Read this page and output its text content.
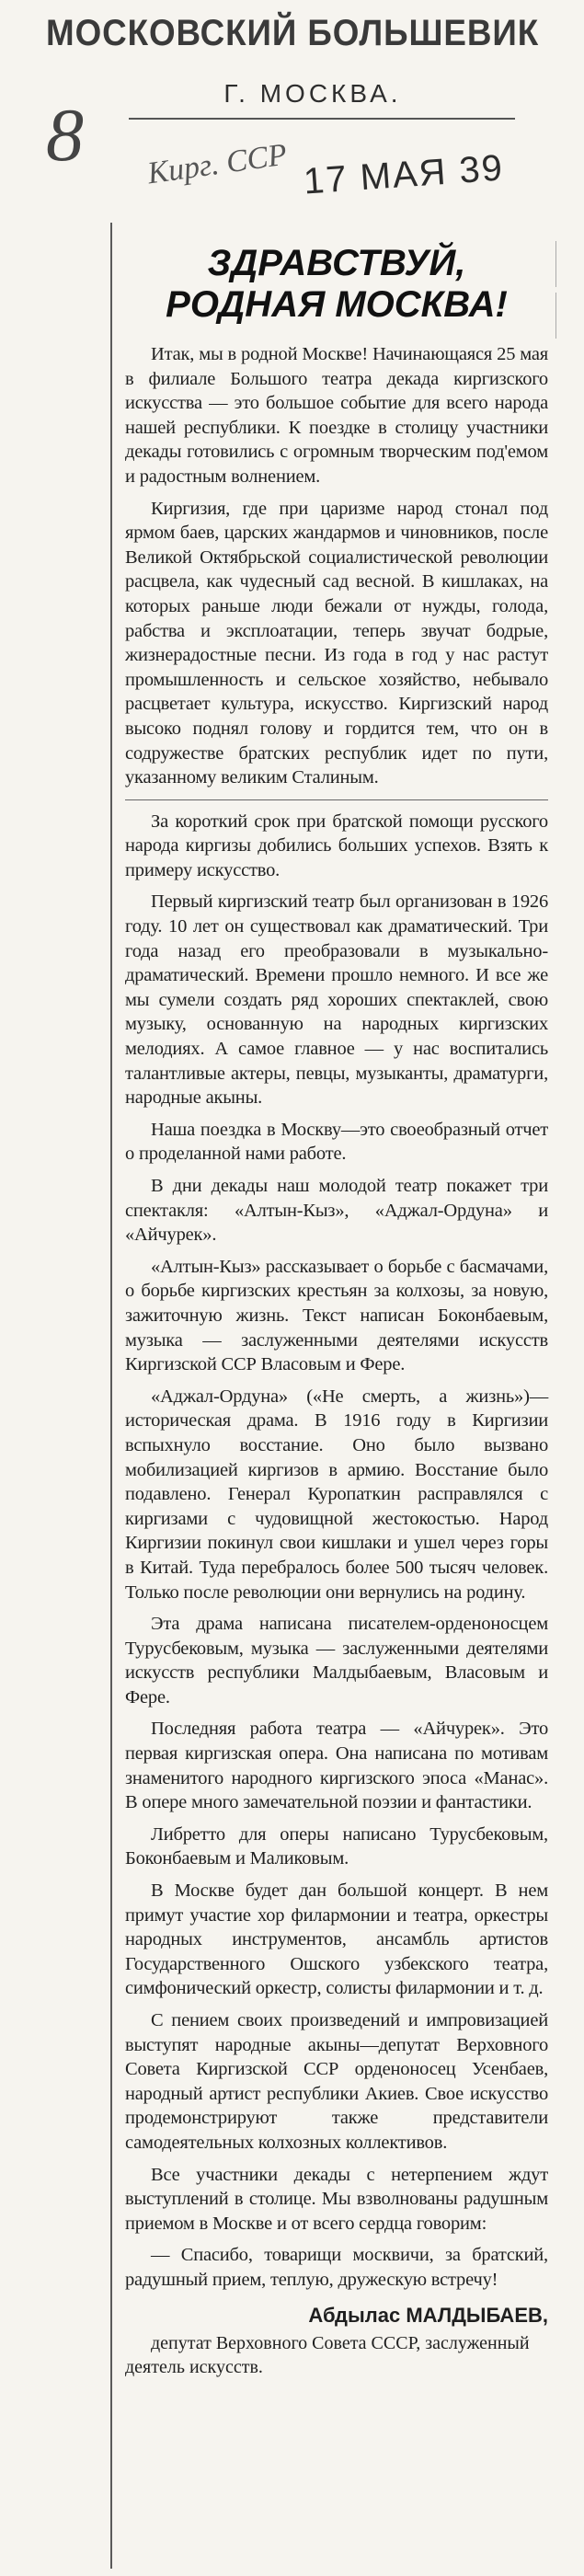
МОСКОВСКИЙ БОЛЬШЕВИК
Г. МОСКВА.
8 Кирг. ССР 17 МАЯ 39
ЗДРАВСТВУЙ,
РОДНАЯ МОСКВА!

Итак, мы в родной Москве! Начинающаяся 25 мая в филиале Большого театра декада киргизского искусства — это большое событие для всего народа нашей республики. К поездке в столицу участники декады готовились с огромным творческим под'емом и радостным волнением.

Киргизия, где при царизме народ стонал под ярмом баев, царских жандармов и чиновников, после Великой Октябрьской социалистической революции расцвела, как чудесный сад весной. В кишлаках, на которых раньше люди бежали от нужды, голода, рабства и эксплоатации, теперь звучат бодрые, жизнерадостные песни. Из года в год у нас растут промышленность и сельское хозяйство, небывало расцветает культура, искусство. Киргизский народ высоко поднял голову и гордится тем, что он в содружестве братских республик идет по пути, указанному великим Сталиным.

За короткий срок при братской помощи русского народа киргизы добились больших успехов. Взять к примеру искусство.

Первый киргизский театр был организован в 1926 году. 10 лет он существовал как драматический. Три года назад его преобразовали в музыкально-драматический. Времени прошло немного. И все же мы сумели создать ряд хороших спектаклей, свою музыку, основанную на народных киргизских мелодиях. А самое главное — у нас воспитались талантливые актеры, певцы, музыканты, драматурги, народные акыны.

Наша поездка в Москву—это своеобразный отчет о проделанной нами работе.

В дни декады наш молодой театр покажет три спектакля: «Алтын-Кыз», «Аджал-Ордуна» и «Айчурек».

«Алтын-Кыз» рассказывает о борьбе с басмачами, о борьбе киргизских крестьян за колхозы, за новую, зажиточную жизнь. Текст написан Боконбаевым, музыка — заслуженными деятелями искусств Киргизской ССР Власовым и Фере.

«Аджал-Ордуна» («Не смерть, а жизнь»)—историческая драма. В 1916 году в Киргизии вспыхнуло восстание. Оно было вызвано мобилизацией киргизов в армию. Восстание было подавлено. Генерал Куропаткин расправлялся с киргизами с чудовищной жестокостью. Народ Киргизии покинул свои кишлаки и ушел через горы в Китай. Туда перебралось более 500 тысяч человек. Только после революции они вернулись на родину.

Эта драма написана писателем-орденоносцем Турусбековым, музыка — заслуженными деятелями искусств республики Малдыбаевым, Власовым и Фере.

Последняя работа театра — «Айчурек». Это первая киргизская опера. Она написана по мотивам знаменитого народного киргизского эпоса «Манас». В опере много замечательной поэзии и фантастики.

Либретто для оперы написано Турусбековым, Боконбаевым и Маликовым.

В Москве будет дан большой концерт. В нем примут участие хор филармонии и театра, оркестры народных инструментов, ансамбль артистов Государственного Ошского узбекского театра, симфонический оркестр, солисты филармонии и т. д.

С пением своих произведений и импровизацией выступят народные акыны—депутат Верховного Совета Киргизской ССР орденоносец Усенбаев, народный артист республики Акиев. Свое искусство продемонстрируют также представители самодеятельных колхозных коллективов.

Все участники декады с нетерпением ждут выступлений в столице. Мы взволнованы радушным приемом в Москве и от всего сердца говорим:

— Спасибо, товарищи москвичи, за братский, радушный прием, теплую, дружескую встречу!

Абдылас МАЛДЫБАЕВ,
депутат Верховного Совета СССР, заслуженный деятель искусств.
